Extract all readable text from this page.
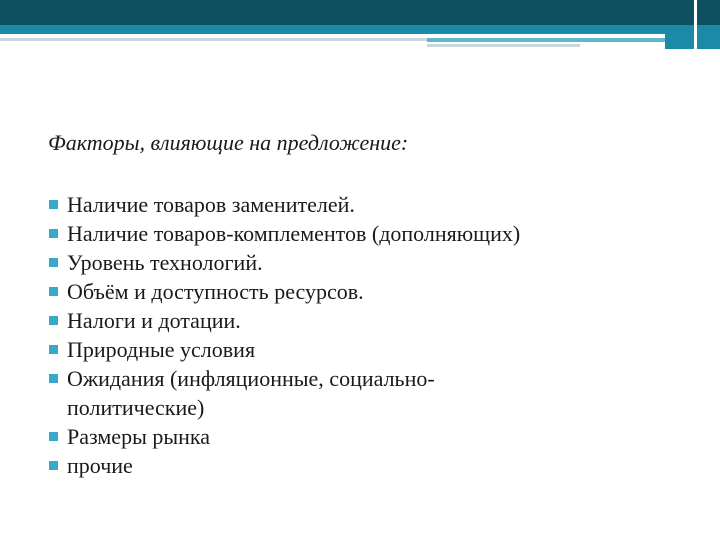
Факторы, влияющие на предложение:
Наличие товаров заменителей.
Наличие товаров-комплементов (дополняющих)
Уровень технологий.
Объём и доступность ресурсов.
Налоги и дотации.
Природные условия
Ожидания (инфляционные, социально-политические)
Размеры рынка
прочие
